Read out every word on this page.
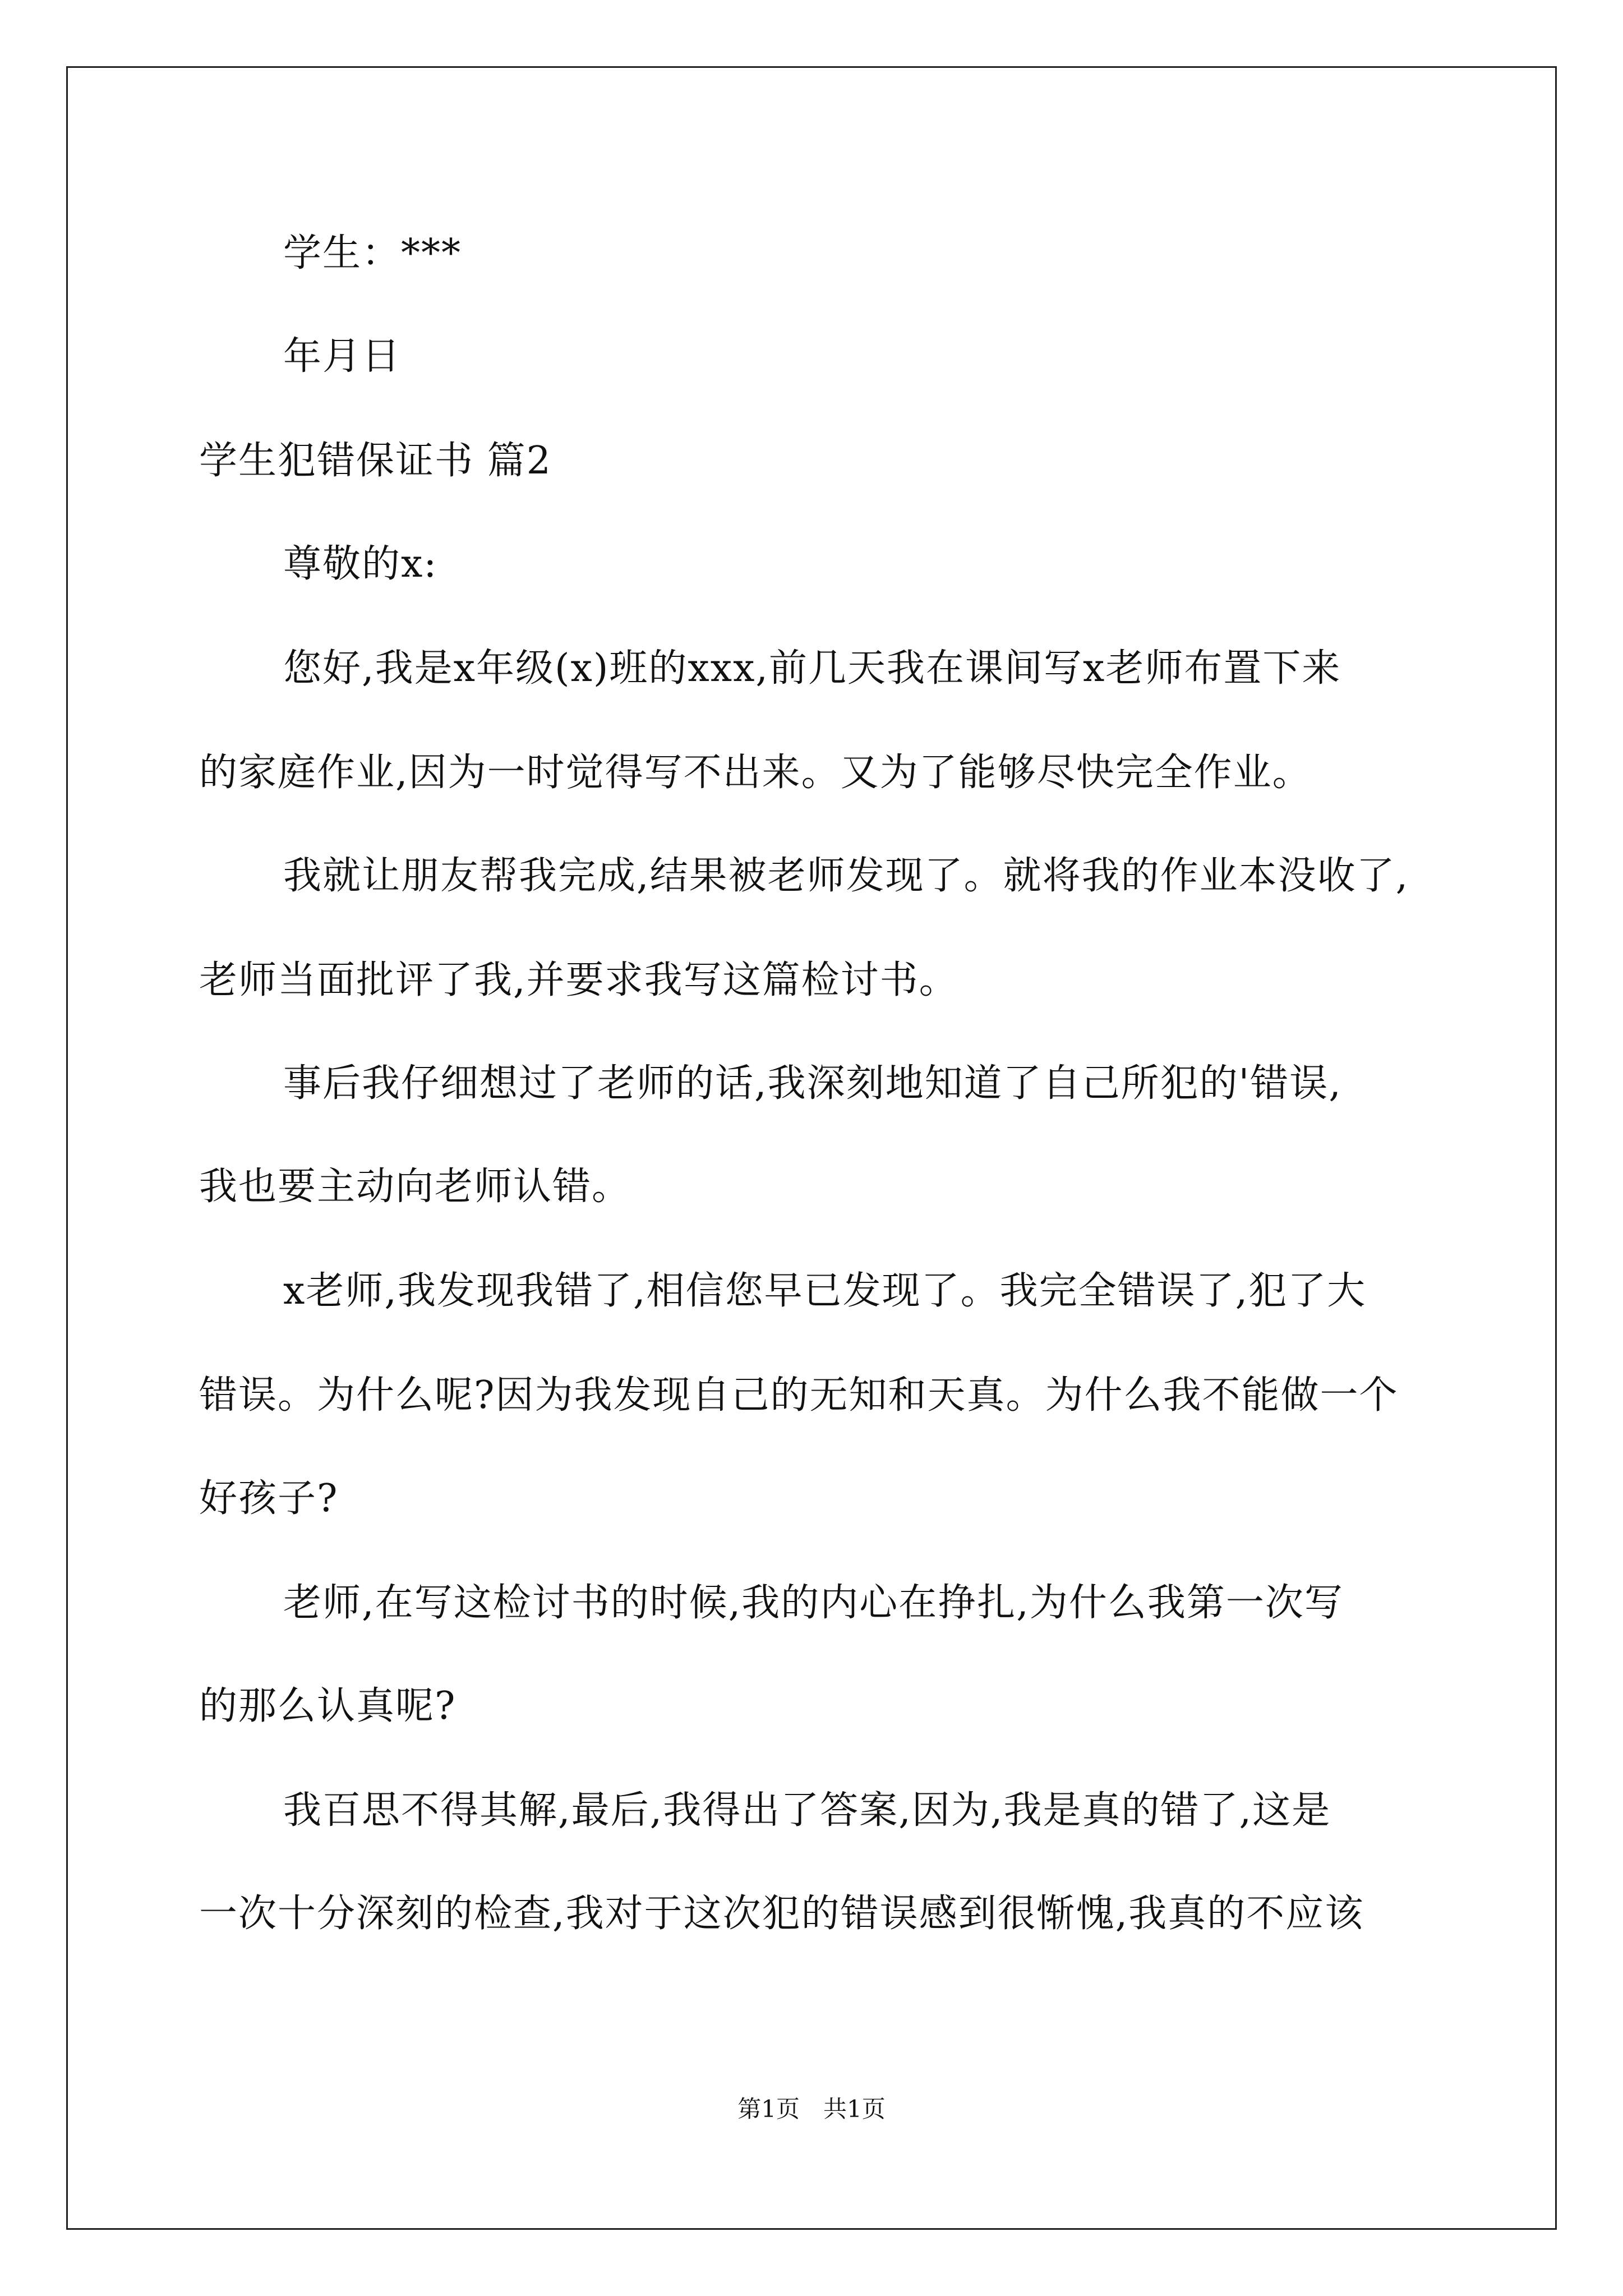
学生：***
年月日
学生犯错保证书 篇2
尊敬的x:
您好,我是x年级(x)班的xxx,前几天我在课间写x老师布置下来
的家庭作业,因为一时觉得写不出来。又为了能够尽快完全作业。
我就让朋友帮我完成,结果被老师发现了。就将我的作业本没收了,
老师当面批评了我,并要求我写这篇检讨书。
事后我仔细想过了老师的话,我深刻地知道了自己所犯的'错误,
我也要主动向老师认错。
x老师,我发现我错了,相信您早已发现了。我完全错误了,犯了大
错误。为什么呢?因为我发现自己的无知和天真。为什么我不能做一个
好孩子?
老师,在写这检讨书的时候,我的内心在挣扎,为什么我第一次写
的那么认真呢?
我百思不得其解,最后,我得出了答案,因为,我是真的错了,这是
一次十分深刻的检查,我对于这次犯的错误感到很惭愧,我真的不应该
第1页　共1页
